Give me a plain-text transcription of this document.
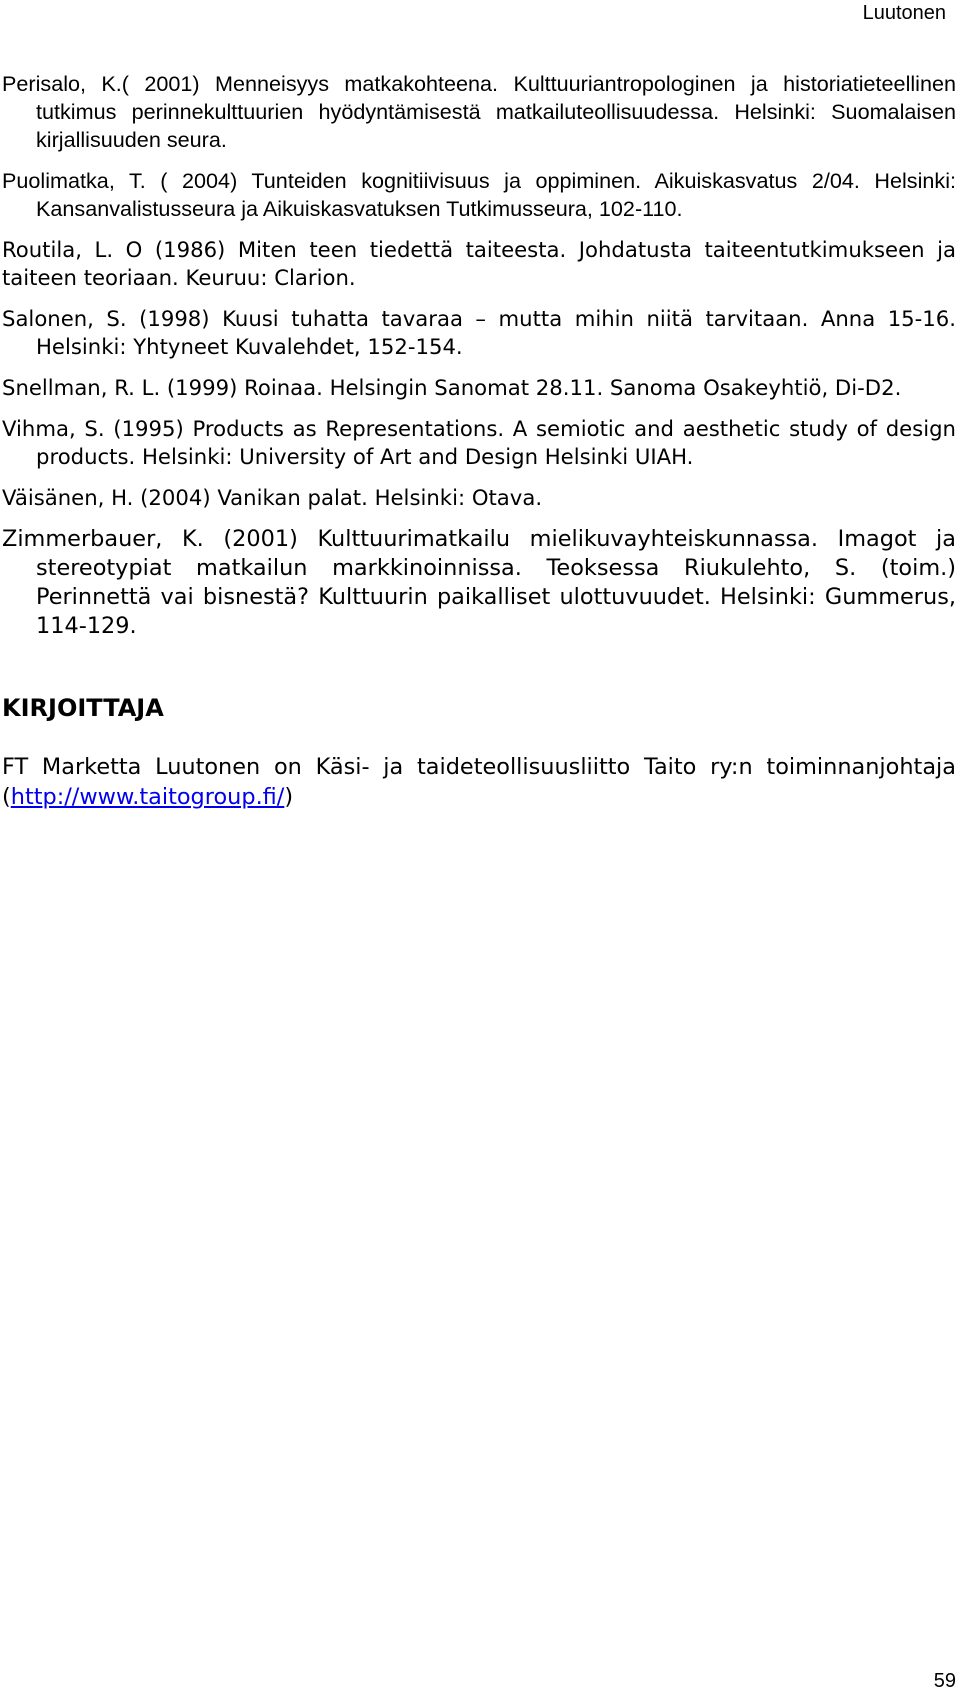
Luutonen

Perisalo, K.( 2001) Menneisyys matkakohteena. Kulttuuriantropologinen ja historiatieteellinen tutkimus perinnekulttuurien hyödyntämisestä matkailuteollisuudessa. Helsinki: Suomalaisen kirjallisuuden seura.

Puolimatka, T. ( 2004) Tunteiden kognitiivisuus ja oppiminen. Aikuiskasvatus 2/04. Helsinki: Kansanvalistusseura ja Aikuiskasvatuksen Tutkimusseura, 102-110.

Routila, L. O (1986) Miten teen tiedettä taiteesta. Johdatusta taiteentutkimukseen ja taiteen teoriaan. Keuruu: Clarion.

Salonen, S. (1998) Kuusi tuhatta tavaraa – mutta mihin niitä tarvitaan. Anna 15-16. Helsinki: Yhtyneet Kuvalehdet, 152-154.

Snellman, R. L. (1999) Roinaa. Helsingin Sanomat 28.11. Sanoma Osakeyhtiö, Di-D2.

Vihma, S. (1995) Products as Representations. A semiotic and aesthetic study of design products. Helsinki: University of Art and Design Helsinki UIAH.

Väisänen, H. (2004) Vanikan palat. Helsinki: Otava.

Zimmerbauer, K. (2001) Kulttuurimatkailu mielikuvayhteiskunnassa. Imagot ja stereotypiat matkailun markkinoinnissa. Teoksessa Riukulehto, S. (toim.) Perinnettä vai bisnestä? Kulttuurin paikalliset ulottuvuudet. Helsinki: Gummerus, 114-129.

KIRJOITTAJA

FT Marketta Luutonen on Käsi- ja taideteollisuusliitto Taito ry:n toiminnanjohtaja (http://www.taitogroup.fi/)

59
